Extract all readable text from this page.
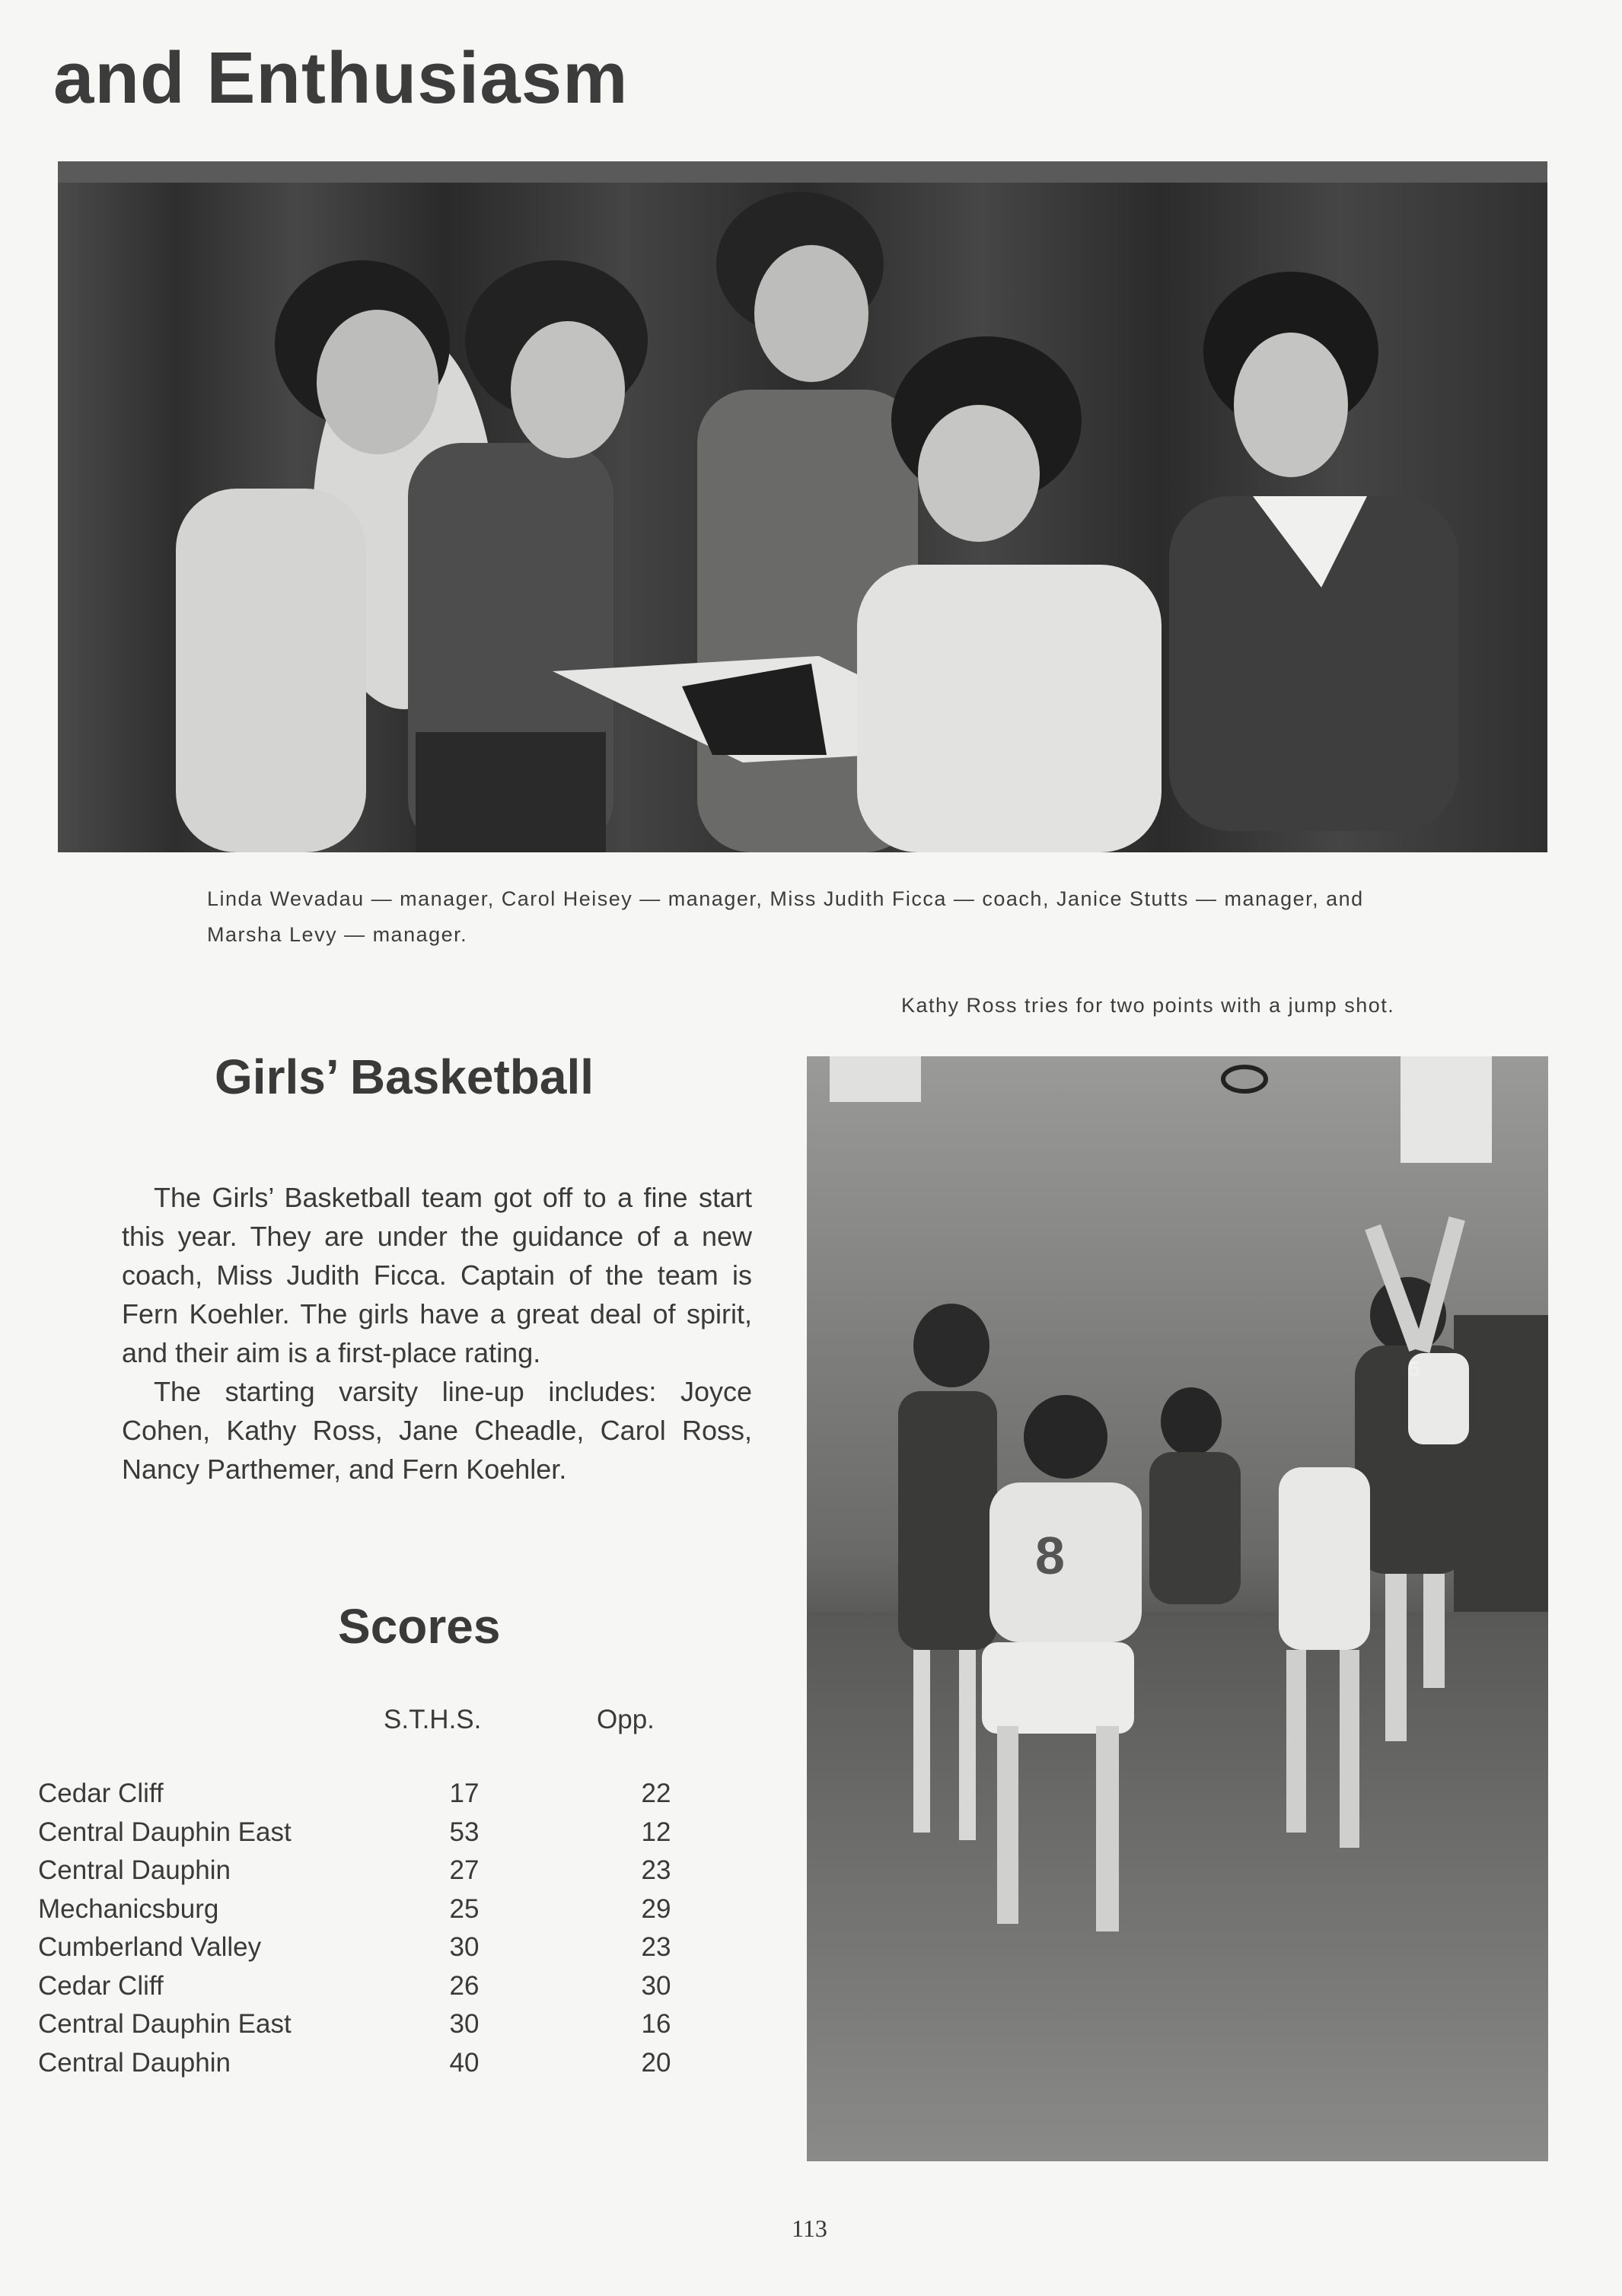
and Enthusiasm
Linda Wevadau — manager, Carol Heisey — manager, Miss Judith Ficca — coach, Janice Stutts — manager, and Marsha Levy — manager.
Kathy Ross tries for two points with a jump shot.
8
5
Girls’ Basketball

The Girls’ Basketball team got off to a fine start this year. They are under the guidance of a new coach, Miss Judith Ficca. Captain of the team is Fern Koehler. The girls have a great deal of spirit, and their aim is a first-place rating.

The starting varsity line-up includes: Joyce Cohen, Kathy Ross, Jane Cheadle, Carol Ross, Nancy Parthemer, and Fern Koehler.

Scores
S.T.H.S.	Opp.
Cedar Cliff	17	22
Central Dauphin East	53	12
Central Dauphin	27	23
Mechanicsburg	25	29
Cumberland Valley	30	23
Cedar Cliff	26	30
Central Dauphin East	30	16
Central Dauphin	40	20
113
